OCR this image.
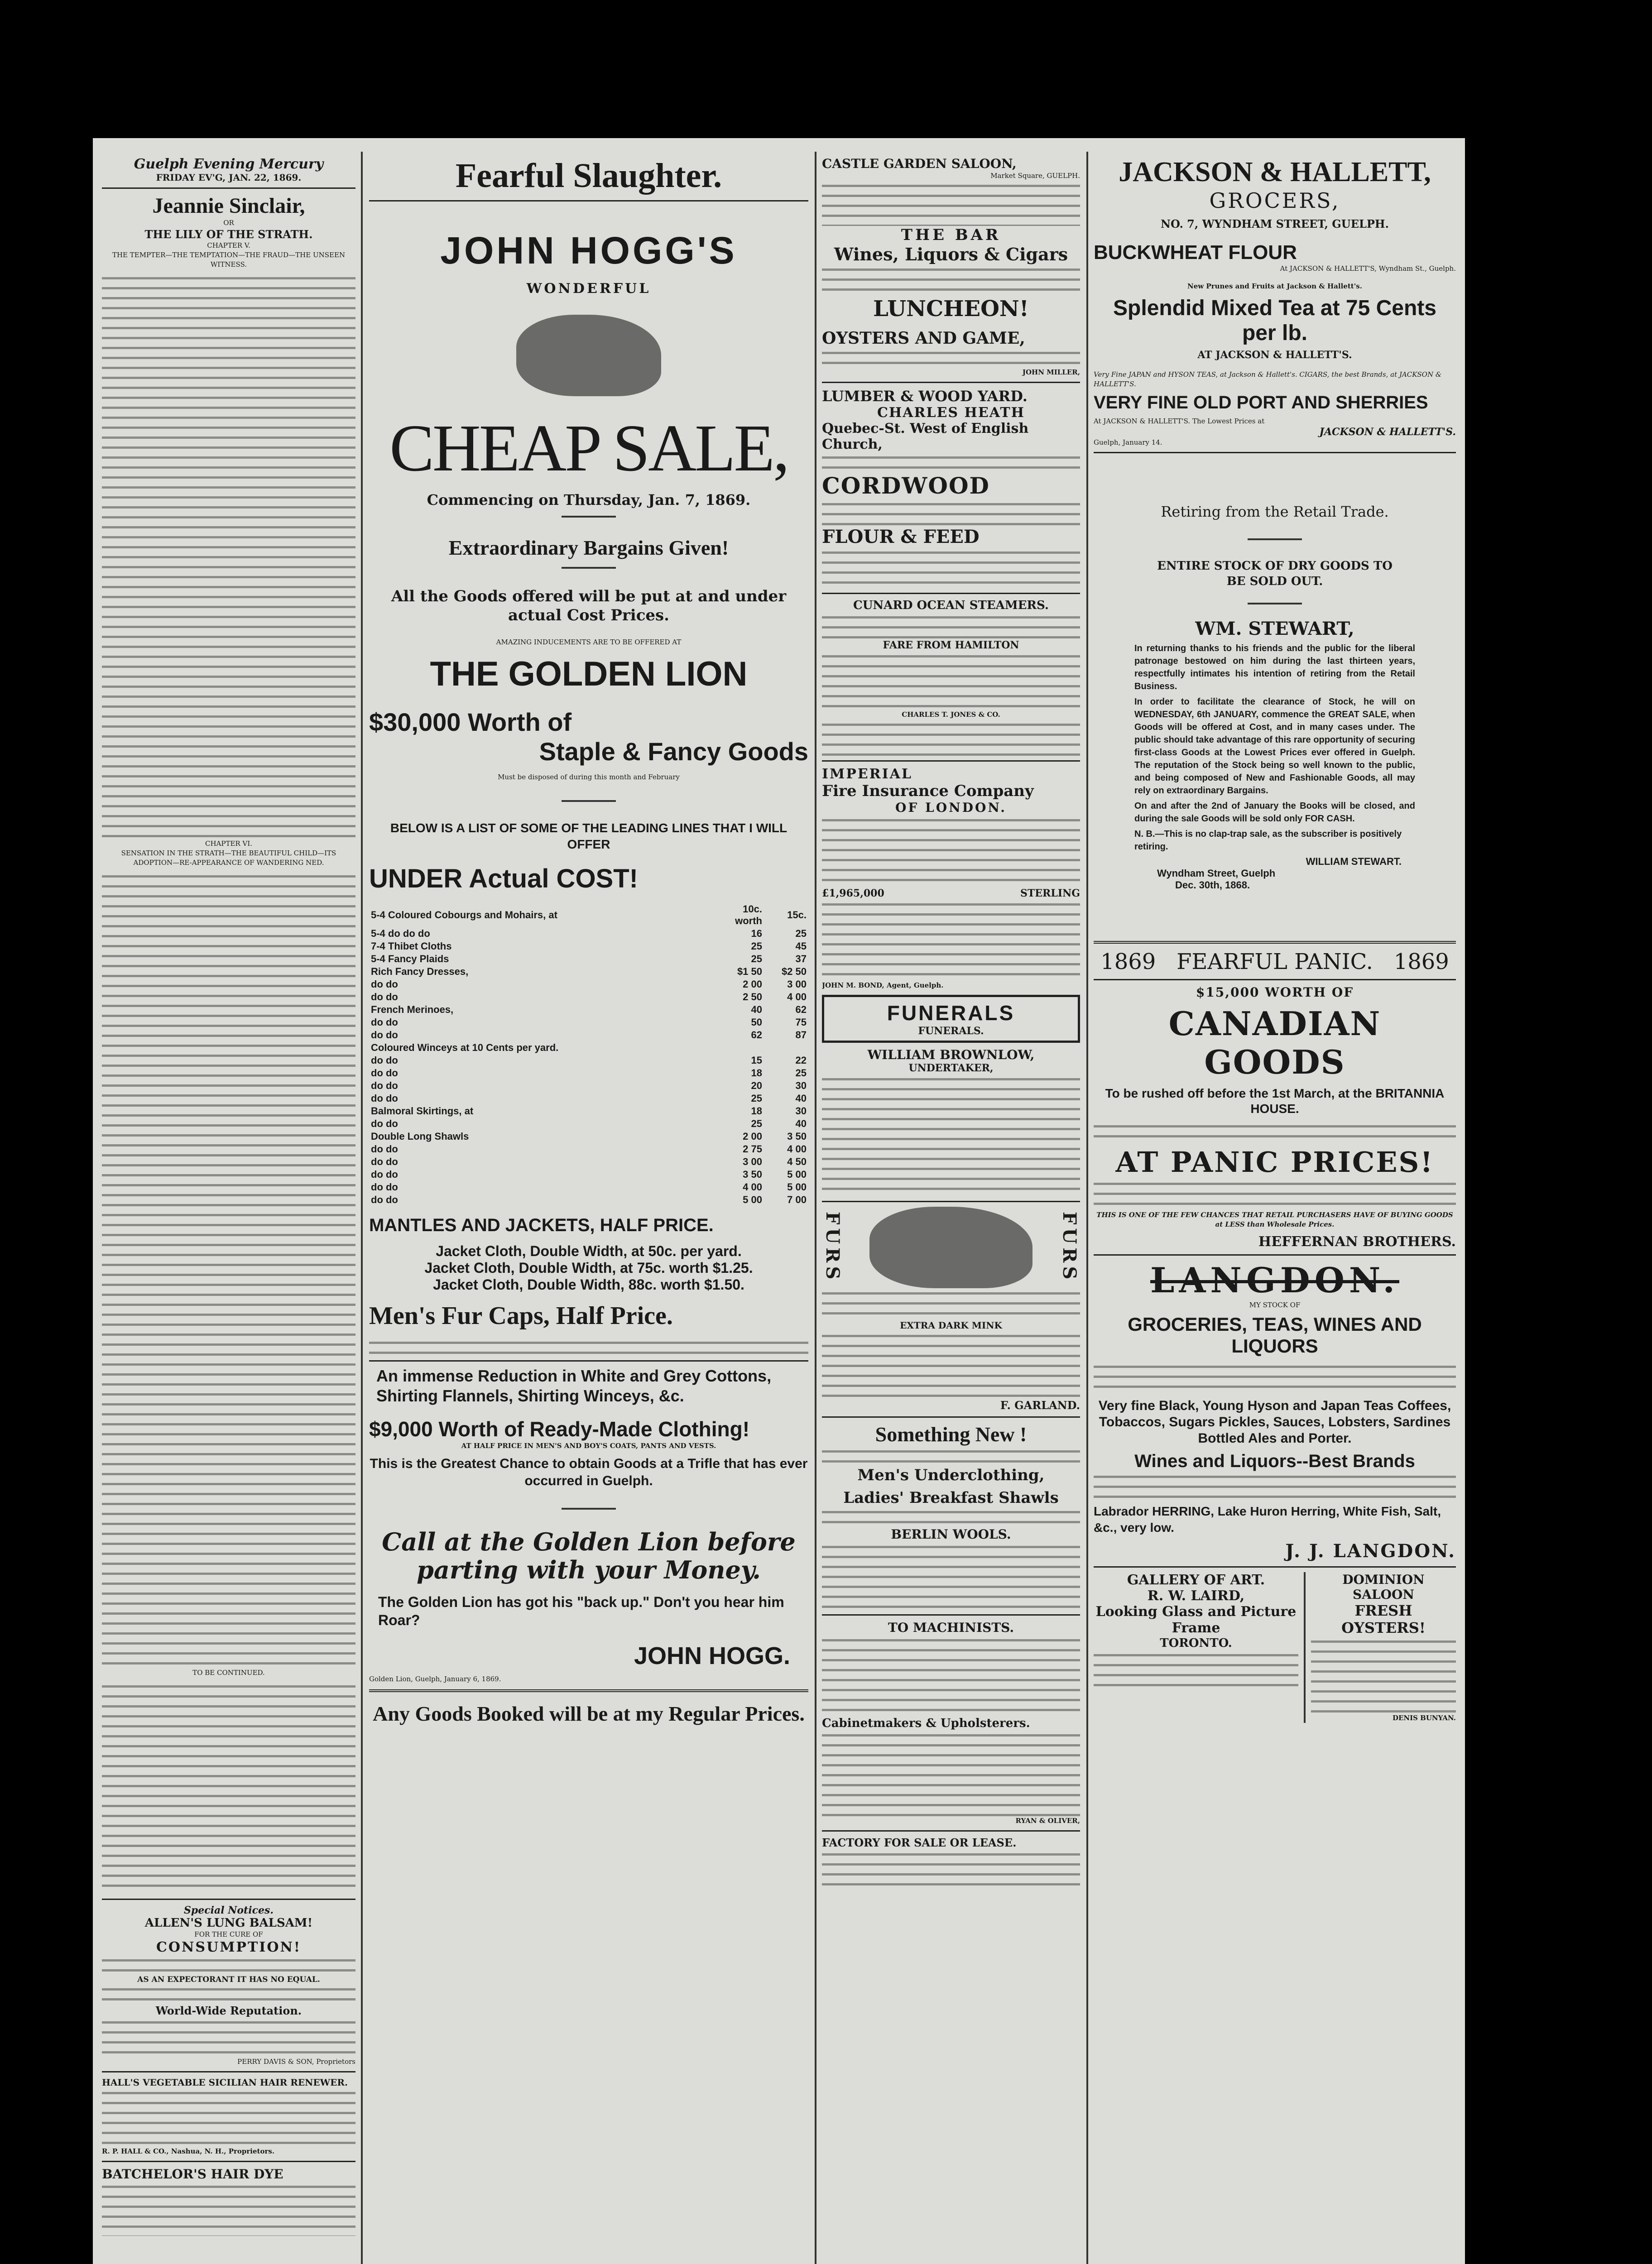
Guelph Evening Mercury
FRIDAY EV'G, JAN. 22, 1869.
Jeannie Sinclair,
OR
THE LILY OF THE STRATH.
CHAPTER V.
THE TEMPTER—THE TEMPTATION—THE FRAUD—THE UNSEEN WITNESS.
CHAPTER VI.
SENSATION IN THE STRATH—THE BEAUTIFUL CHILD—ITS ADOPTION—RE-APPEARANCE OF WANDERING NED.
TO BE CONTINUED.
Special Notices.
ALLEN'S LUNG BALSAM!
FOR THE CURE OF
CONSUMPTION!
AS AN EXPECTORANT IT HAS NO EQUAL.
World-Wide Reputation.
PERRY DAVIS & SON, Proprietors
HALL'S VEGETABLE SICILIAN HAIR RENEWER.
R. P. HALL & CO., Nashua, N. H., Proprietors.
BATCHELOR'S HAIR DYE
Fearful Slaughter.
JOHN HOGG'S
WONDERFUL
CHEAP SALE,
Commencing on Thursday, Jan. 7, 1869.
Extraordinary Bargains Given!
All the Goods offered will be put at and under actual Cost Prices.
AMAZING INDUCEMENTS ARE TO BE OFFERED AT
THE GOLDEN LION
$30,000 Worth of
Staple & Fancy Goods
Must be disposed of during this month and February
BELOW IS A LIST OF SOME OF THE LEADING LINES THAT I WILL OFFER
UNDER Actual COST!
5-4 Coloured Cobourgs and Mohairs, at	10c. worth	15c.
5-4 do do do	16	25
7-4 Thibet Cloths	25	45
5-4 Fancy Plaids	25	37
Rich Fancy Dresses,	$1 50	$2 50
do do	2 00	3 00
do do	2 50	4 00
French Merinoes,	40	62
do do	50	75
do do	62	87
Coloured Winceys at 10 Cents per yard.		
do do	15	22
do do	18	25
do do	20	30
do do	25	40
Balmoral Skirtings, at	18	30
do do	25	40
Double Long Shawls	2 00	3 50
do do	2 75	4 00
do do	3 00	4 50
do do	3 50	5 00
do do	4 00	5 00
do do	5 00	7 00
MANTLES AND JACKETS, HALF PRICE.
Jacket Cloth, Double Width, at 50c. per yard.
Jacket Cloth, Double Width, at 75c. worth $1.25.
Jacket Cloth, Double Width, 88c. worth $1.50.
Men's Fur Caps, Half Price.
An immense Reduction in White and Grey Cottons, Shirting Flannels, Shirting Winceys, &c.
$9,000 Worth of Ready-Made Clothing!
AT HALF PRICE IN MEN'S AND BOY'S COATS, PANTS AND VESTS.
This is the Greatest Chance to obtain Goods at a Trifle that has ever occurred in Guelph.
Call at the Golden Lion before parting with your Money.
The Golden Lion has got his "back up." Don't you hear him Roar?
JOHN HOGG.
Golden Lion, Guelph, January 6, 1869.
Any Goods Booked will be at my Regular Prices.
CASTLE GARDEN SALOON,
Market Square, GUELPH.
THE BAR
Wines, Liquors & Cigars
LUNCHEON!
OYSTERS AND GAME,
JOHN MILLER,
LUMBER & WOOD YARD.
CHARLES HEATH
Quebec-St. West of English Church,
CORDWOOD
FLOUR & FEED
CUNARD OCEAN STEAMERS.
FARE FROM HAMILTON
CHARLES T. JONES & CO.
IMPERIAL
Fire Insurance Company
OF LONDON.
£1,965,000	STERLING
JOHN M. BOND, Agent, Guelph.
FUNERALS
FUNERALS.
WILLIAM BROWNLOW,
UNDERTAKER,
FURS	FURS
EXTRA DARK MINK
F. GARLAND.
Something New !
Men's Underclothing,
Ladies' Breakfast Shawls
BERLIN WOOLS.
TO MACHINISTS.
Cabinetmakers & Upholsterers.
RYAN & OLIVER,
FACTORY FOR SALE OR LEASE.
JACKSON & HALLETT,
GROCERS,
NO. 7, WYNDHAM STREET, GUELPH.
BUCKWHEAT FLOUR
At JACKSON & HALLETT'S, Wyndham St., Guelph.
New Prunes and Fruits at Jackson & Hallett's.
Splendid Mixed Tea at 75 Cents per lb.
AT JACKSON & HALLETT'S.
Very Fine JAPAN and HYSON TEAS, at Jackson & Hallett's. CIGARS, the best Brands, at JACKSON & HALLETT'S.
VERY FINE OLD PORT AND SHERRIES
At JACKSON & HALLETT'S. The Lowest Prices at
JACKSON & HALLETT'S.
Guelph, January 14.
Retiring from the Retail Trade.
ENTIRE STOCK OF DRY GOODS TO BE SOLD OUT.
WM. STEWART,

In returning thanks to his friends and the public for the liberal patronage bestowed on him during the last thirteen years, respectfully intimates his intention of retiring from the Retail Business.

In order to facilitate the clearance of Stock, he will on WEDNESDAY, 6th JANUARY, commence the GREAT SALE, when Goods will be offered at Cost, and in many cases under. The public should take advantage of this rare opportunity of securing first-class Goods at the Lowest Prices ever offered in Guelph. The reputation of the Stock being so well known to the public, and being composed of New and Fashionable Goods, all may rely on extraordinary Bargains.

On and after the 2nd of January the Books will be closed, and during the sale Goods will be sold only FOR CASH.

N. B.—This is no clap-trap sale, as the subscriber is positively retiring.

WILLIAM STEWART.
Wyndham Street, Guelph
Dec. 30th, 1868.
1869   FEARFUL PANIC.   1869
$15,000 WORTH OF
CANADIAN GOODS
To be rushed off before the 1st March, at the BRITANNIA HOUSE.
AT PANIC PRICES!
THIS IS ONE OF THE FEW CHANCES THAT RETAIL PURCHASERS HAVE OF BUYING GOODS at LESS than Wholesale Prices.
HEFFERNAN BROTHERS.
LANGDON.
MY STOCK OF
GROCERIES, TEAS, WINES AND LIQUORS
Very fine Black, Young Hyson and Japan Teas Coffees, Tobaccos, Sugars Pickles, Sauces, Lobsters, Sardines Bottled Ales and Porter.
Wines and Liquors--Best Brands
Labrador HERRING, Lake Huron Herring, White Fish, Salt, &c., very low.
J. J. LANGDON.
GALLERY OF ART.
R. W. LAIRD,
Looking Glass and Picture Frame
TORONTO.
DOMINION SALOON
FRESH OYSTERS!
DENIS BUNYAN.
